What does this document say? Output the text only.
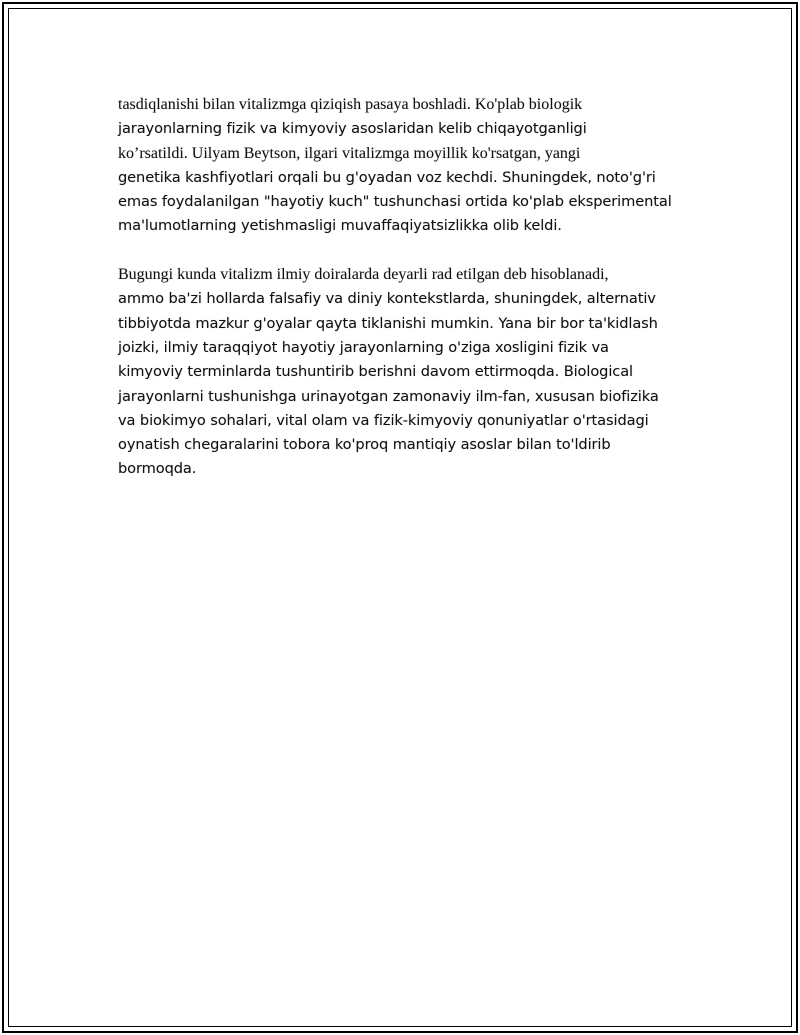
tasdiqlanishi bilan vitalizmga qiziqish pasaya boshladi. Ko'plab biologik
jarayonlarning fizik va kimyoviy asoslaridan kelib chiqayotganligi
ko’rsatildi. Uilyam Beytson, ilgari vitalizmga moyillik ko'rsatgan, yangi
genetika kashfiyotlari orqali bu g'oyadan voz kechdi. Shuningdek, noto'g'ri
emas foydalanilgan "hayotiy kuch" tushunchasi ortida ko'plab eksperimental
ma'lumotlarning yetishmasligi muvaffaqiyatsizlikka olib keldi.
Bugungi kunda vitalizm ilmiy doiralarda deyarli rad etilgan deb hisoblanadi,
ammo ba'zi hollarda falsafiy va diniy kontekstlarda, shuningdek, alternativ
tibbiyotda mazkur g'oyalar qayta tiklanishi mumkin. Yana bir bor ta'kidlash
joizki, ilmiy taraqqiyot hayotiy jarayonlarning o'ziga xosligini fizik va
kimyoviy terminlarda tushuntirib berishni davom ettirmoqda. Biological
jarayonlarni tushunishga urinayotgan zamonaviy ilm-fan, xususan biofizika
va biokimyo sohalari, vital olam va fizik-kimyoviy qonuniyatlar o'rtasidagi
oynatish chegaralarini tobora ko'proq mantiqiy asoslar bilan to'ldirib
bormoqda.
